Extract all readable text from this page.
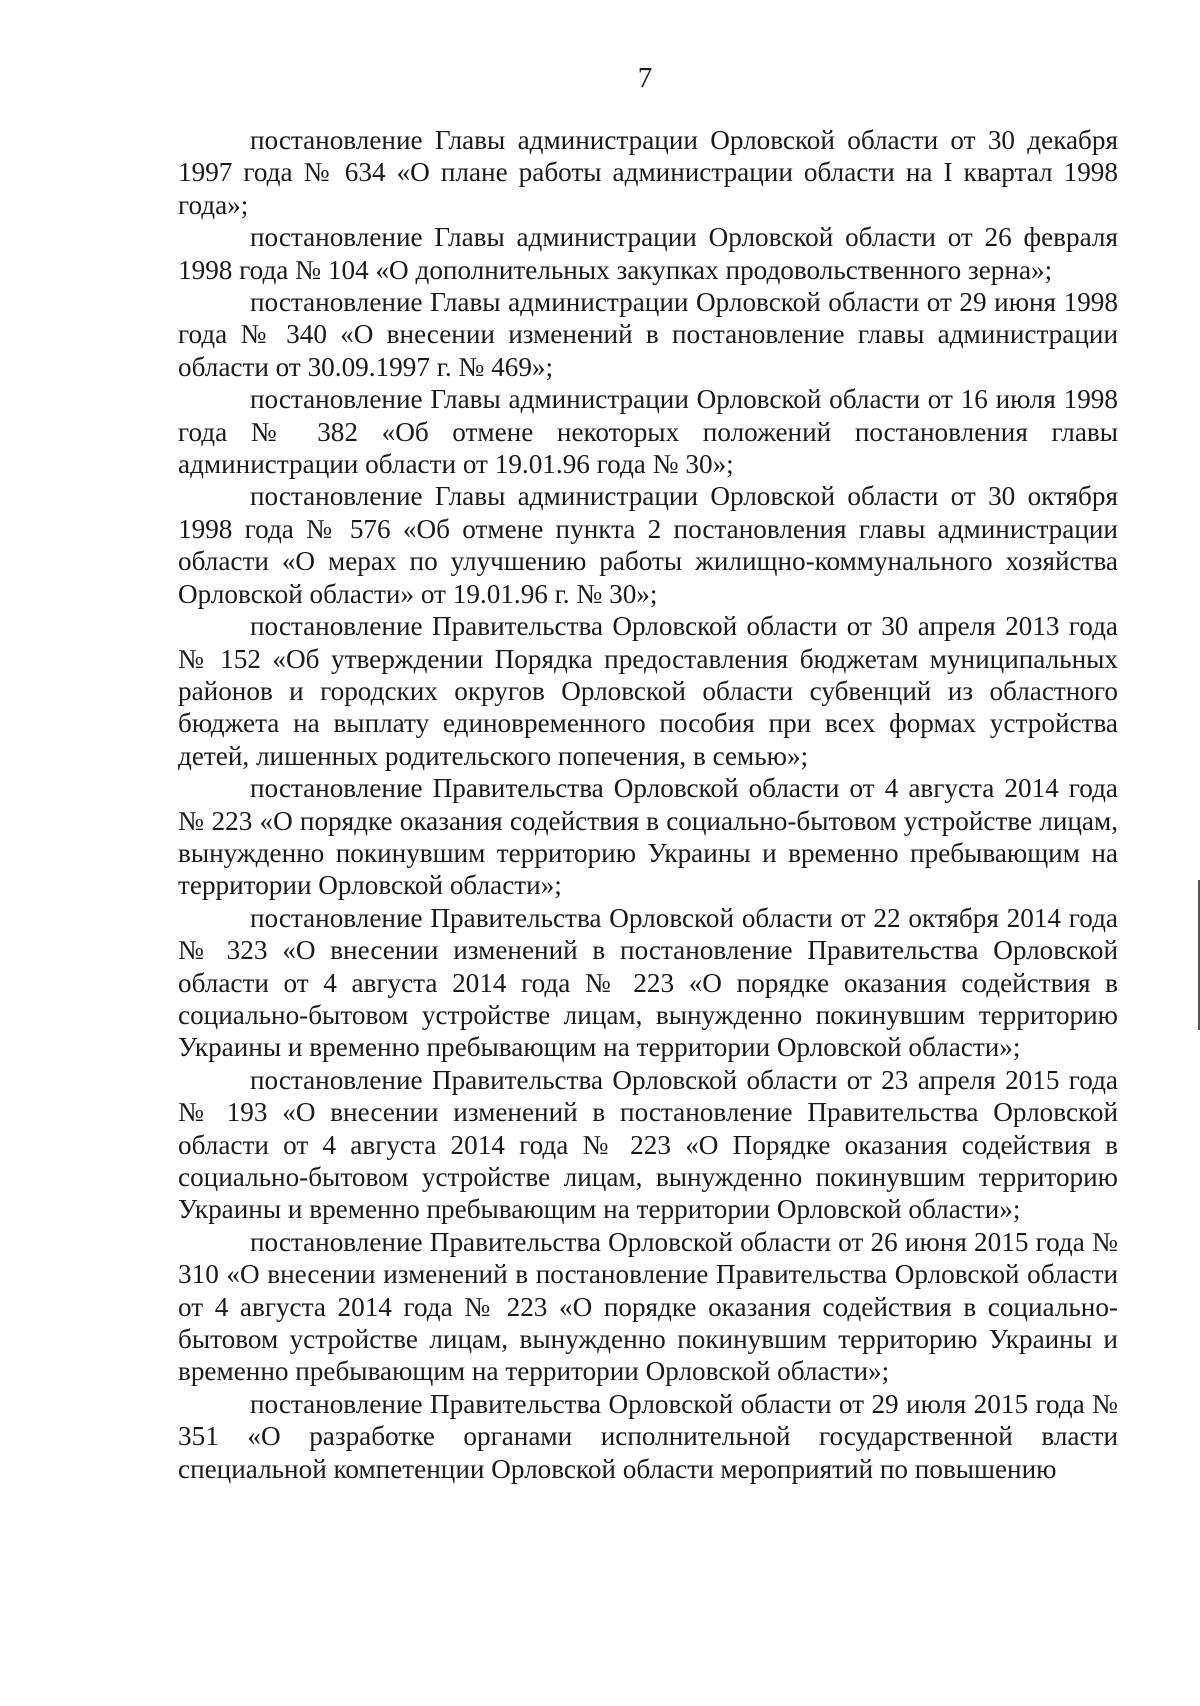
7

постановление Главы администрации Орловской области от 30 декабря 1997 года № 634 «О плане работы администрации области на I квартал 1998 года»;

постановление Главы администрации Орловской области от 26 февраля 1998 года № 104 «О дополнительных закупках продовольственного зерна»;

постановление Главы администрации Орловской области от 29 июня 1998 года № 340 «О внесении изменений в постановление главы администрации области от 30.09.1997 г. № 469»;

постановление Главы администрации Орловской области от 16 июля 1998 года № 382 «Об отмене некоторых положений постановления главы администрации области от 19.01.96 года № 30»;

постановление Главы администрации Орловской области от 30 октября 1998 года № 576 «Об отмене пункта 2 постановления главы администрации области «О мерах по улучшению работы жилищно-коммунального хозяйства Орловской области» от 19.01.96 г. № 30»;

постановление Правительства Орловской области от 30 апреля 2013 года № 152 «Об утверждении Порядка предоставления бюджетам муниципальных районов и городских округов Орловской области субвенций из областного бюджета на выплату единовременного пособия при всех формах устройства детей, лишенных родительского попечения, в семью»;

постановление Правительства Орловской области от 4 августа 2014 года № 223 «О порядке оказания содействия в социально-бытовом устройстве лицам, вынужденно покинувшим территорию Украины и временно пребывающим на территории Орловской области»;

постановление Правительства Орловской области от 22 октября 2014 года № 323 «О внесении изменений в постановление Правительства Орловской области от 4 августа 2014 года № 223 «О порядке оказания содействия в социально-бытовом устройстве лицам, вынужденно покинувшим территорию Украины и временно пребывающим на территории Орловской области»;

постановление Правительства Орловской области от 23 апреля 2015 года № 193 «О внесении изменений в постановление Правительства Орловской области от 4 августа 2014 года № 223 «О Порядке оказания содействия в социально-бытовом устройстве лицам, вынужденно покинувшим территорию Украины и временно пребывающим на территории Орловской области»;

постановление Правительства Орловской области от 26 июня 2015 года № 310 «О внесении изменений в постановление Правительства Орловской области от 4 августа 2014 года № 223 «О порядке оказания содействия в социально-бытовом устройстве лицам, вынужденно покинувшим территорию Украины и временно пребывающим на территории Орловской области»;

постановление Правительства Орловской области от 29 июля 2015 года № 351 «О разработке органами исполнительной государственной власти специальной компетенции Орловской области мероприятий по повышению
